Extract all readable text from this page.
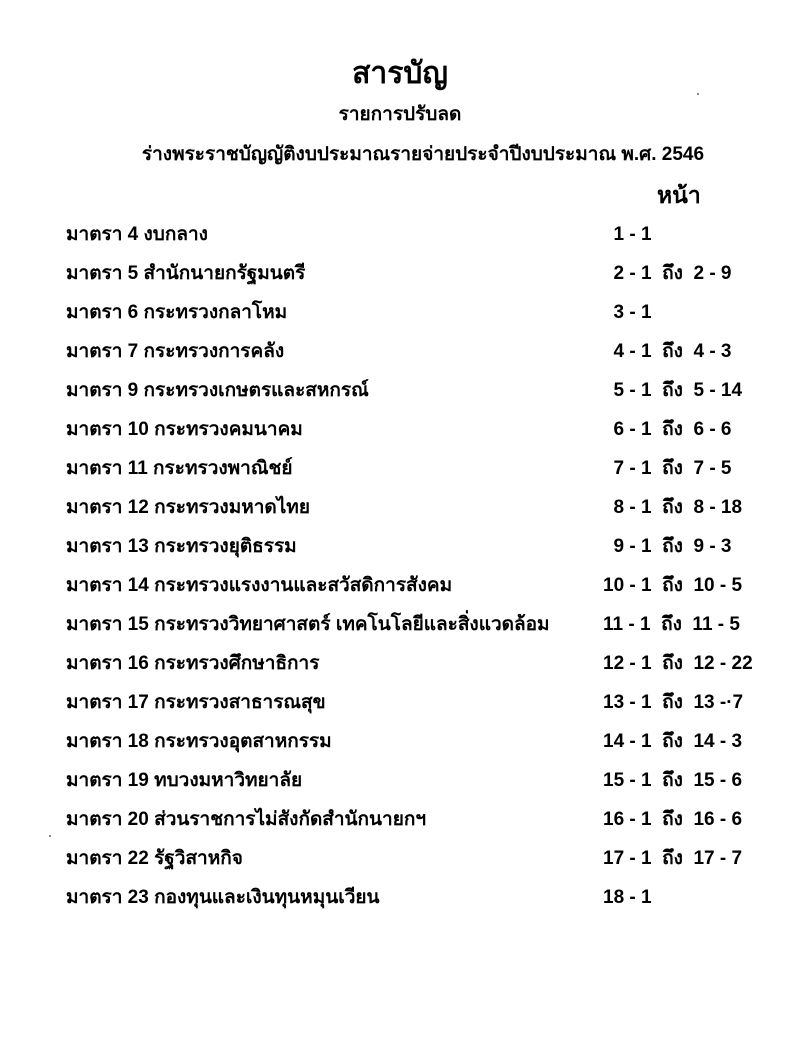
สารบัญ
รายการปรับลด
ร่างพระราชบัญญัติงบประมาณรายจ่ายประจำปีงบประมาณ พ.ศ. 2546
หน้า
มาตรา 4 งบกลาง	1 - 1
มาตรา 5 สำนักนายกรัฐมนตรี	2 - 1  ถึง  2 - 9
มาตรา 6 กระทรวงกลาโหม	3 - 1
มาตรา 7 กระทรวงการคลัง	4 - 1  ถึง  4 - 3
มาตรา 9 กระทรวงเกษตรและสหกรณ์	5 - 1  ถึง  5 - 14
มาตรา 10 กระทรวงคมนาคม	6 - 1  ถึง  6 - 6
มาตรา 11 กระทรวงพาณิชย์	7 - 1  ถึง  7 - 5
มาตรา 12 กระทรวงมหาดไทย	8 - 1  ถึง  8 - 18
มาตรา 13 กระทรวงยุติธรรม	9 - 1  ถึง  9 - 3
มาตรา 14 กระทรวงแรงงานและสวัสดิการสังคม	10 - 1  ถึง  10 - 5
มาตรา 15 กระทรวงวิทยาศาสตร์ เทคโนโลยีและสิ่งแวดล้อม	11 - 1  ถึง  11 - 5
มาตรา 16 กระทรวงศึกษาธิการ	12 - 1  ถึง  12 - 22
มาตรา 17 กระทรวงสาธารณสุข	13 - 1  ถึง  13 -·7
มาตรา 18 กระทรวงอุตสาหกรรม	14 - 1  ถึง  14 - 3
มาตรา 19 ทบวงมหาวิทยาลัย	15 - 1  ถึง  15 - 6
มาตรา 20 ส่วนราชการไม่สังกัดสำนักนายกฯ	16 - 1  ถึง  16 - 6
มาตรา 22 รัฐวิสาหกิจ	17 - 1  ถึง  17 - 7
มาตรา 23 กองทุนและเงินทุนหมุนเวียน	18 - 1
